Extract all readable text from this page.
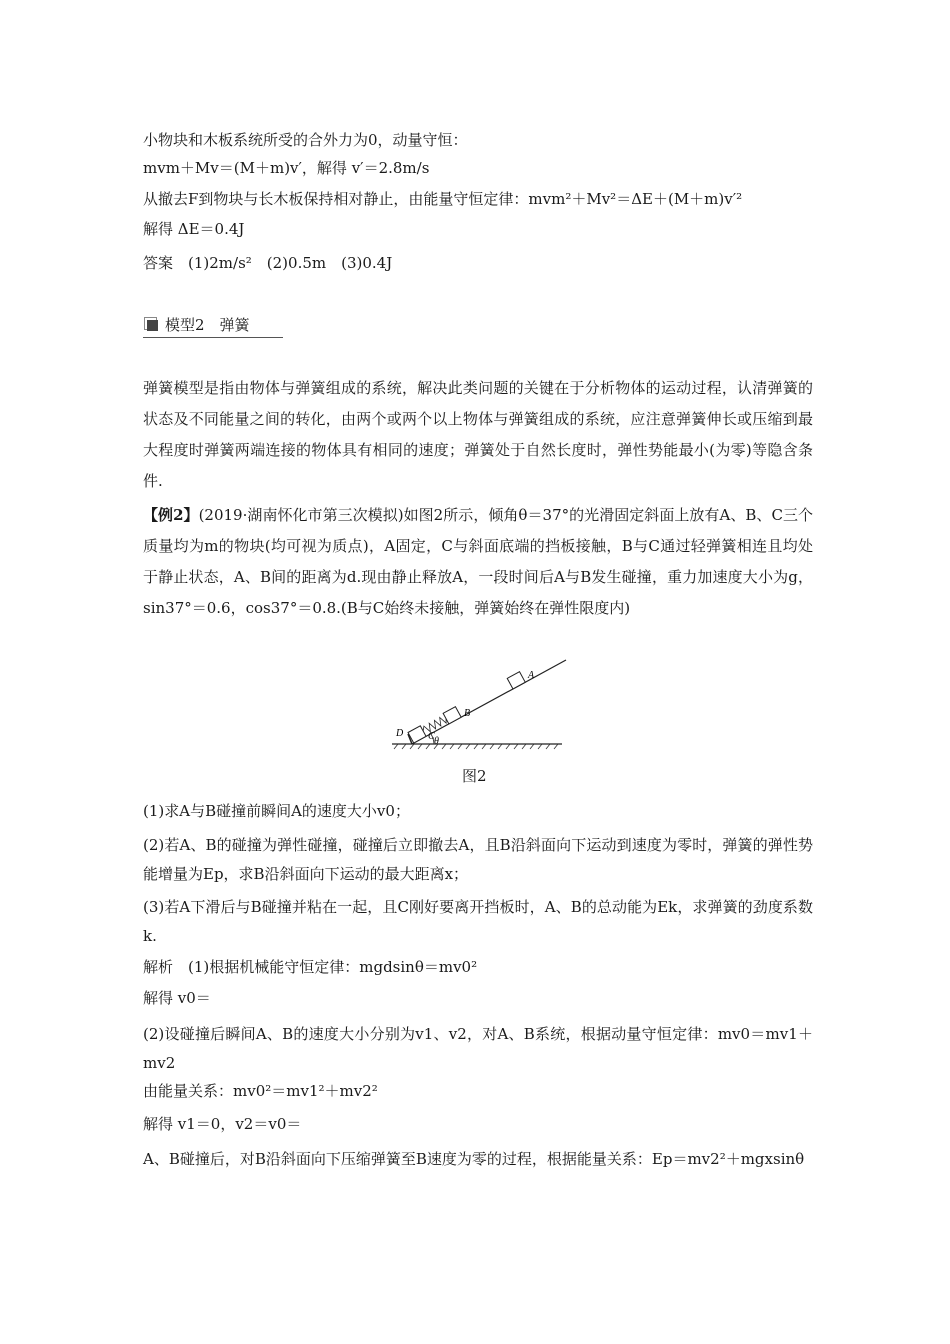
小物块和木板系统所受的合外力为0，动量守恒：
mvm＋Mv＝(M＋m)v′，解得 v′＝2.8m/s
从撤去F到物块与长木板保持相对静止，由能量守恒定律：mvm²＋Mv²＝ΔE＋(M＋m)v′²
解得 ΔE＝0.4J
答案　(1)2m/s²　(2)0.5m　(3)0.4J
模型2　弹簧
弹簧模型是指由物体与弹簧组成的系统，解决此类问题的关键在于分析物体的运动过程，认清弹簧的状态及不同能量之间的转化，由两个或两个以上物体与弹簧组成的系统，应注意弹簧伸长或压缩到最大程度时弹簧两端连接的物体具有相同的速度；弹簧处于自然长度时，弹性势能最小(为零)等隐含条件.
【例2】(2019·湖南怀化市第三次模拟)如图2所示，倾角θ＝37°的光滑固定斜面上放有A、B、C三个质量均为m的物块(均可视为质点)，A固定，C与斜面底端的挡板接触，B与C通过轻弹簧相连且均处于静止状态，A、B间的距离为d.现由静止释放A，一段时间后A与B发生碰撞，重力加速度大小为g，sin37°＝0.6，cos37°＝0.8.(B与C始终未接触，弹簧始终在弹性限度内)
C
B
A
D
θ
图2
(1)求A与B碰撞前瞬间A的速度大小v0；
(2)若A、B的碰撞为弹性碰撞，碰撞后立即撤去A，且B沿斜面向下运动到速度为零时，弹簧的弹性势能增量为Ep，求B沿斜面向下运动的最大距离x；
(3)若A下滑后与B碰撞并粘在一起，且C刚好要离开挡板时，A、B的总动能为Ek，求弹簧的劲度系数k.
解析　(1)根据机械能守恒定律：mgdsinθ＝mv0²
解得 v0＝
(2)设碰撞后瞬间A、B的速度大小分别为v1、v2，对A、B系统，根据动量守恒定律：mv0＝mv1＋mv2
由能量关系：mv0²＝mv1²＋mv2²
解得 v1＝0，v2＝v0＝
A、B碰撞后，对B沿斜面向下压缩弹簧至B速度为零的过程，根据能量关系：Ep＝mv2²＋mgxsinθ
